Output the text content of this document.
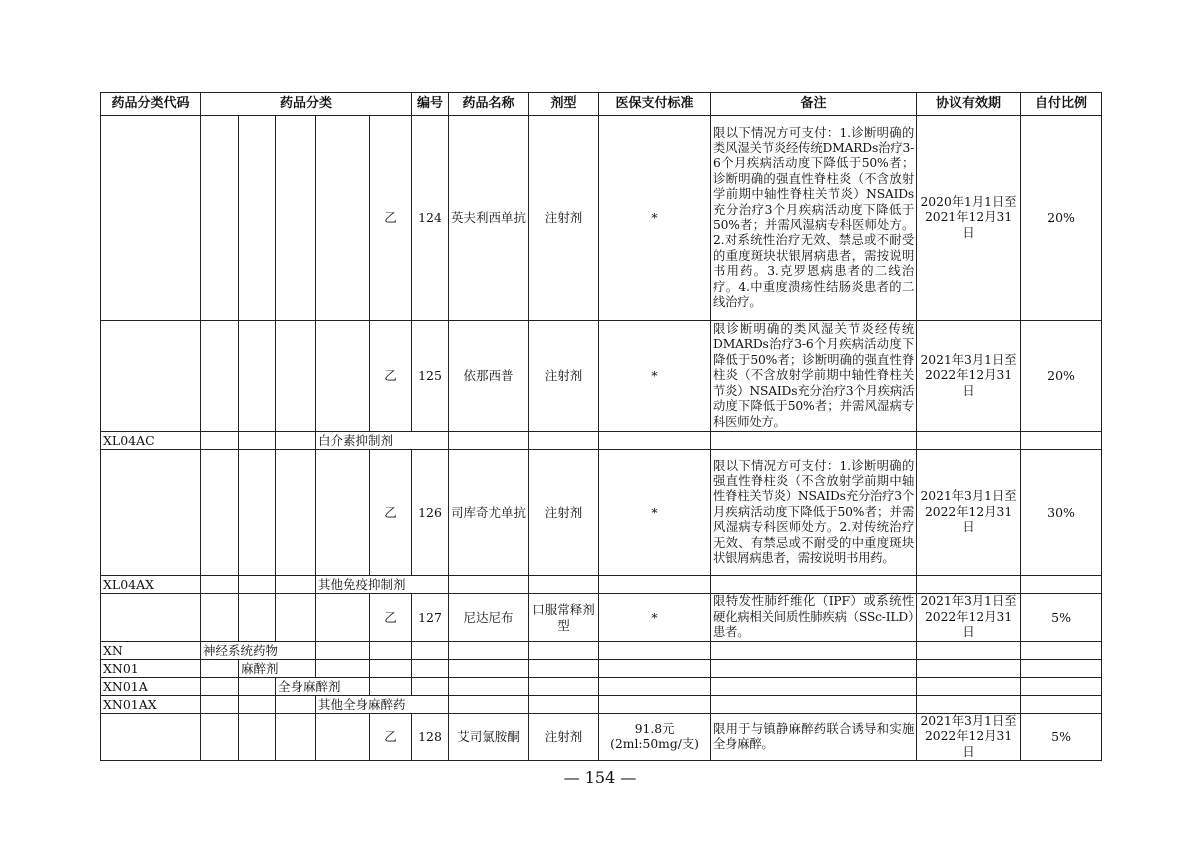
药品分类代码	药品分类					编号	药品名称	剂型	医保支付标准	备注	协议有效期	自付比例
					乙	124	英夫利西单抗	注射剂	*	限以下情况方可支付：1.诊断明确的类风湿关节炎经传统DMARDs治疗3-6个月疾病活动度下降低于50%者；诊断明确的强直性脊柱炎（不含放射学前期中轴性脊柱关节炎）NSAIDs充分治疗3个月疾病活动度下降低于50%者；并需风湿病专科医师处方。2.对系统性治疗无效、禁忌或不耐受的重度斑块状银屑病患者，需按说明书用药。3.克罗恩病患者的二线治疗。4.中重度溃疡性结肠炎患者的二线治疗。	2020年1月1日至2021年12月31日	20%
					乙	125	依那西普	注射剂	*	限诊断明确的类风湿关节炎经传统DMARDs治疗3-6个月疾病活动度下降低于50%者；诊断明确的强直性脊柱炎（不含放射学前期中轴性脊柱关节炎）NSAIDs充分治疗3个月疾病活动度下降低于50%者；并需风湿病专科医师处方。	2021年3月1日至2022年12月31日	20%
XL04AC				白介素抑制剂								
					乙	126	司库奇尤单抗	注射剂	*	限以下情况方可支付：1.诊断明确的强直性脊柱炎（不含放射学前期中轴性脊柱关节炎）NSAIDs充分治疗3个月疾病活动度下降低于50%者；并需风湿病专科医师处方。2.对传统治疗无效、有禁忌或不耐受的中重度斑块状银屑病患者，需按说明书用药。	2021年3月1日至2022年12月31日	30%
XL04AX				其他免疫抑制剂								
					乙	127	尼达尼布	口服常释剂型	*	限特发性肺纤维化（IPF）或系统性硬化病相关间质性肺疾病（SSc-ILD）患者。	2021年3月1日至2022年12月31日	5%
XN	神经系统药物											
XN01		麻醉剂										
XN01A			全身麻醉剂									
XN01AX				其他全身麻醉药								
					乙	128	艾司氯胺酮	注射剂	91.8元(2ml:50mg/支)	限用于与镇静麻醉药联合诱导和实施全身麻醉。	2021年3月1日至2022年12月31日	5%
— 154 —
